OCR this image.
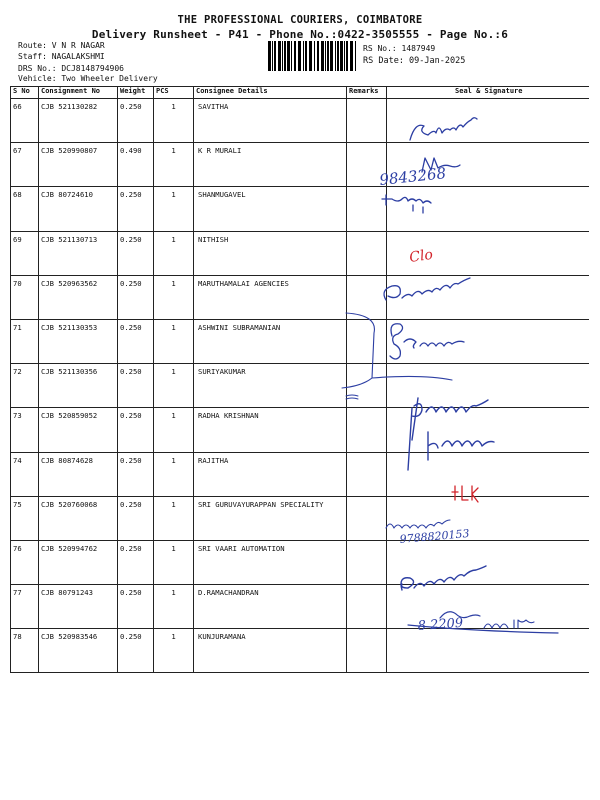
THE PROFESSIONAL COURIERS, COIMBATORE
Delivery Runsheet - P41 - Phone No.:0422-3505555 - Page No.:6
Route: V N R NAGAR
Staff: NAGALAKSHMI
DRS No.: DCJ8148794906
Vehicle: Two Wheeler Delivery
RS No.: 1487949
RS Date: 09-Jan-2025
S No	Consignment No	Weight	PCS	Consignee Details	Remarks	Seal & Signature
66	CJB 521130282	0.250	1	SAVITHA		
67	CJB 520990807	0.490	1	K R MURALI		
68	CJB 80724610	0.250	1	SHANMUGAVEL		
69	CJB 521130713	0.250	1	NITHISH		
70	CJB 520963562	0.250	1	MARUTHAMALAI AGENCIES		
71	CJB 521130353	0.250	1	ASHWINI SUBRAMANIAN		
72	CJB 521130356	0.250	1	SURIYAKUMAR		
73	CJB 520859052	0.250	1	RADHA KRISHNAN		
74	CJB 80874628	0.250	1	RAJITHA		
75	CJB 520760068	0.250	1	SRI GURUVAYURAPPAN SPECIALITY		
76	CJB 520994762	0.250	1	SRI VAARI AUTOMATION		
77	CJB 80791243	0.250	1	D.RAMACHANDRAN		
78	CJB 520983546	0.250	1	KUNJURAMANA		
9843268
Clo
9788820153
8 2209
